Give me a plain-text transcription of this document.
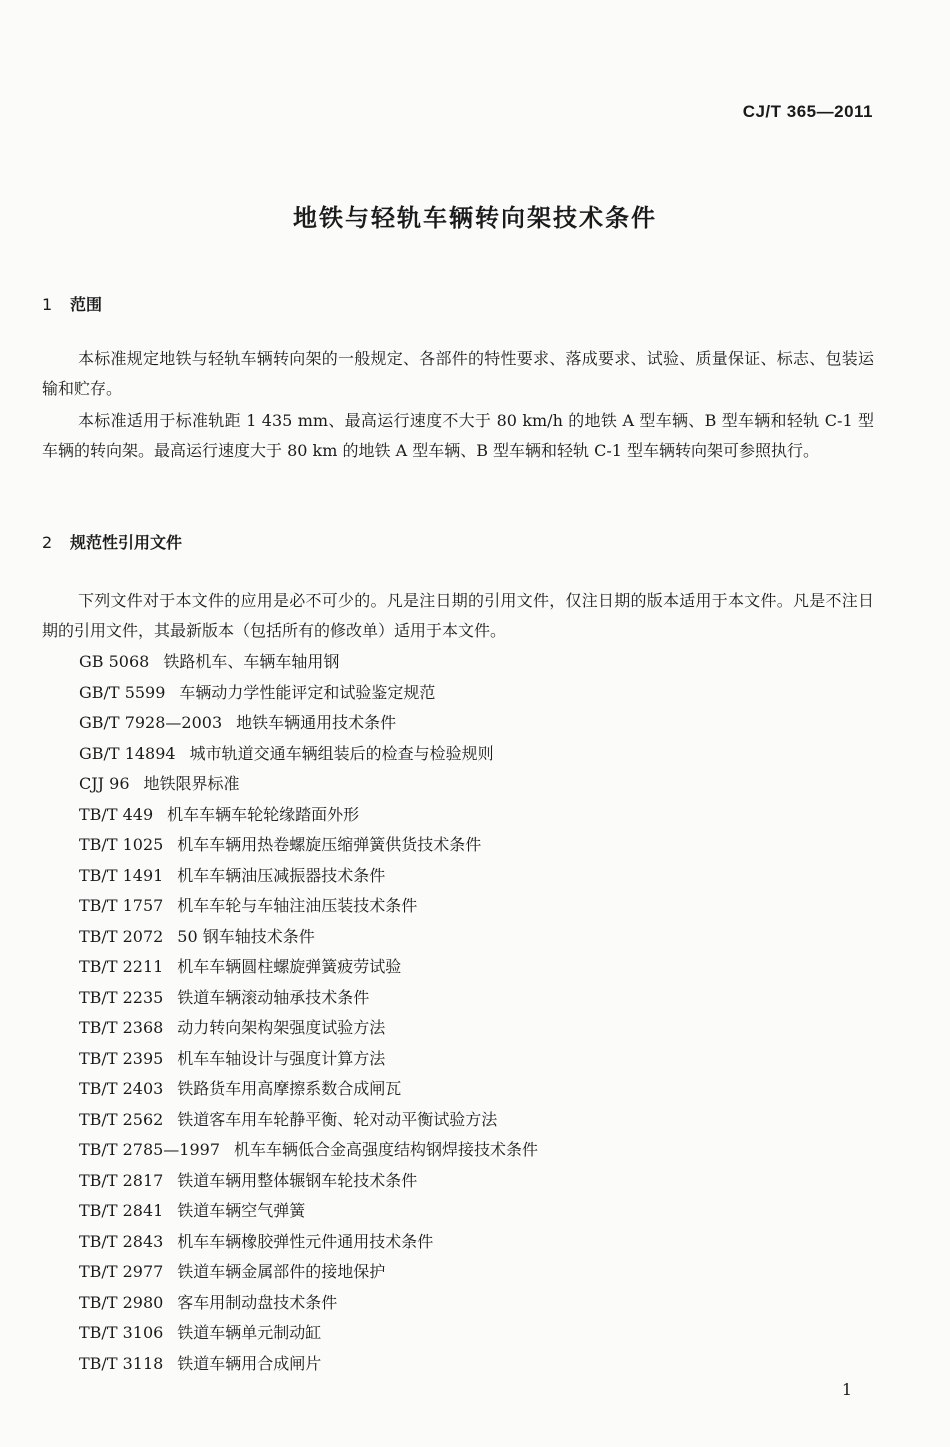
CJ/T 365—2011
地铁与轻轨车辆转向架技术条件
1 范围
本标准规定地铁与轻轨车辆转向架的一般规定、各部件的特性要求、落成要求、试验、质量保证、标志、包装运输和贮存。
本标准适用于标准轨距 1 435 mm、最高运行速度不大于 80 km/h 的地铁 A 型车辆、B 型车辆和轻轨 C-1 型车辆的转向架。最高运行速度大于 80 km 的地铁 A 型车辆、B 型车辆和轻轨 C-1 型车辆转向架可参照执行。
2 规范性引用文件
下列文件对于本文件的应用是必不可少的。凡是注日期的引用文件，仅注日期的版本适用于本文件。凡是不注日期的引用文件，其最新版本（包括所有的修改单）适用于本文件。
GB 5068 铁路机车、车辆车轴用钢
GB/T 5599 车辆动力学性能评定和试验鉴定规范
GB/T 7928—2003 地铁车辆通用技术条件
GB/T 14894 城市轨道交通车辆组装后的检查与检验规则
CJJ 96 地铁限界标准
TB/T 449 机车车辆车轮轮缘踏面外形
TB/T 1025 机车车辆用热卷螺旋压缩弹簧供货技术条件
TB/T 1491 机车车辆油压减振器技术条件
TB/T 1757 机车车轮与车轴注油压装技术条件
TB/T 2072 50 钢车轴技术条件
TB/T 2211 机车车辆圆柱螺旋弹簧疲劳试验
TB/T 2235 铁道车辆滚动轴承技术条件
TB/T 2368 动力转向架构架强度试验方法
TB/T 2395 机车车轴设计与强度计算方法
TB/T 2403 铁路货车用高摩擦系数合成闸瓦
TB/T 2562 铁道客车用车轮静平衡、轮对动平衡试验方法
TB/T 2785—1997 机车车辆低合金高强度结构钢焊接技术条件
TB/T 2817 铁道车辆用整体辗钢车轮技术条件
TB/T 2841 铁道车辆空气弹簧
TB/T 2843 机车车辆橡胶弹性元件通用技术条件
TB/T 2977 铁道车辆金属部件的接地保护
TB/T 2980 客车用制动盘技术条件
TB/T 3106 铁道车辆单元制动缸
TB/T 3118 铁道车辆用合成闸片
1
